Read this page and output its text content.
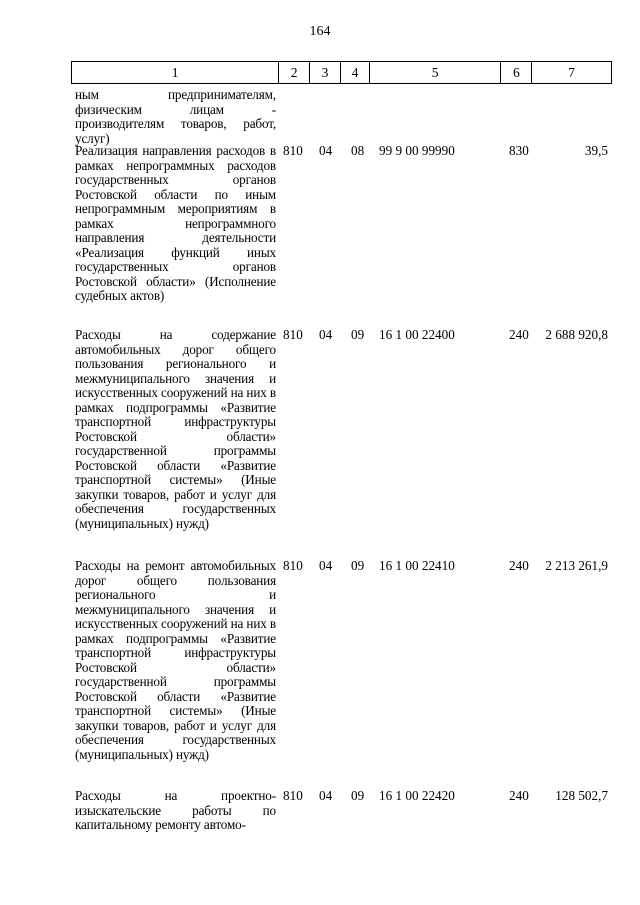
164
1	2	3	4	5	6	7
ным предпринимателям, физическим лицам - производителям товаров, работ, услуг)
Реализация направления расходов в рамках непрограммных расходов государственных органов Ростовской области по иным непрограммным мероприятиям в рамках непрограммного направления деятельности «Реализация функций иных государственных органов Ростовской области» (Исполнение судебных актов)
810	04	08	99 9 00 99990	830	39,5
Расходы на содержание автомобильных дорог общего пользования регионального и межмуниципального значения и искусственных сооружений на них в рамках подпрограммы «Развитие транспортной инфраструктуры Ростовской области» государственной программы Ростовской области «Развитие транспортной системы» (Иные закупки товаров, работ и услуг для обеспечения государственных (муниципальных) нужд)
810	04	09	16 1 00 22400	240	2 688 920,8
Расходы на ремонт автомобильных дорог общего пользования регионального и межмуниципального значения и искусственных сооружений на них в рамках подпрограммы «Развитие транспортной инфраструктуры Ростовской области» государственной программы Ростовской области «Развитие транспортной системы» (Иные закупки товаров, работ и услуг для обеспечения государственных (муниципальных) нужд)
810	04	09	16 1 00 22410	240	2 213 261,9
Расходы на проектно-изыскательские работы по капитальному ремонту автомо-
810	04	09	16 1 00 22420	240	128 502,7
